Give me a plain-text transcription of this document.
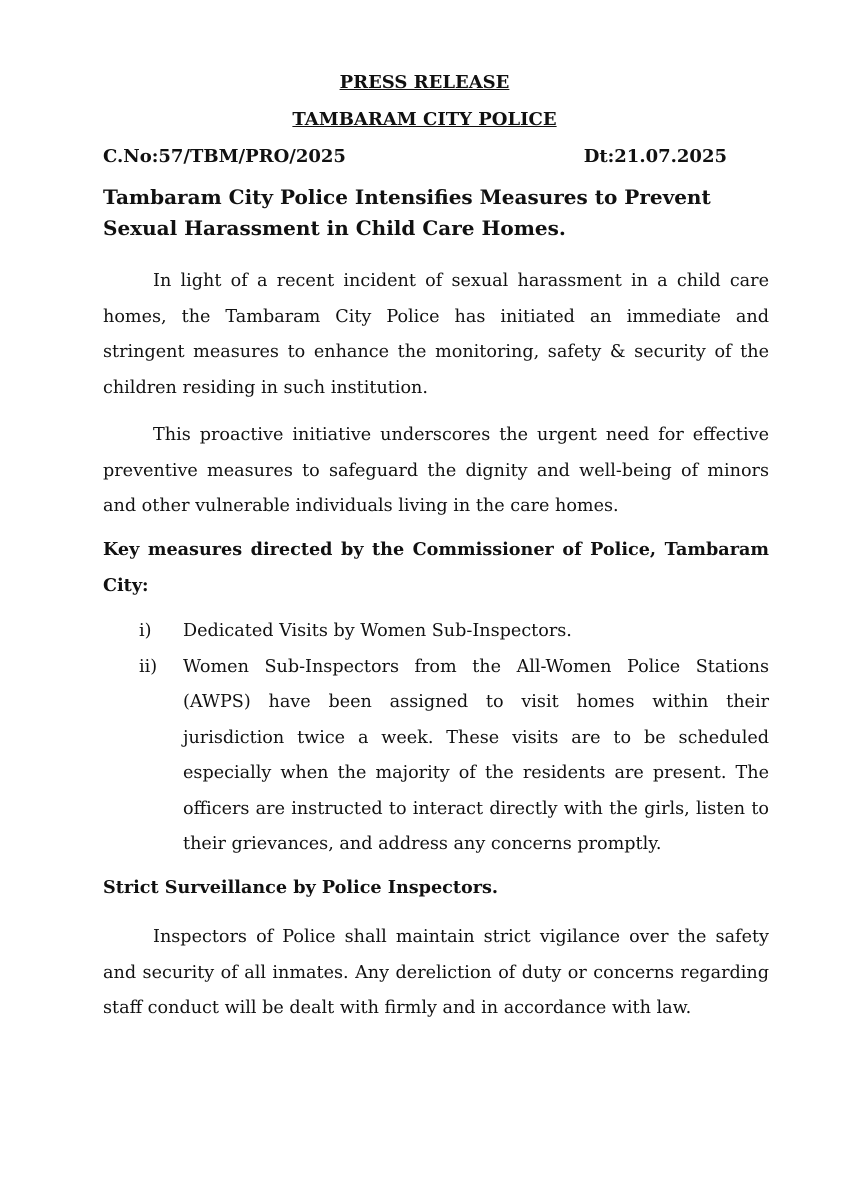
PRESS RELEASE
TAMBARAM CITY POLICE
C.No:57/TBM/PRO/2025	Dt:21.07.2025
Tambaram City Police Intensifies Measures to Prevent Sexual Harassment in Child Care Homes.

In light of a recent incident of sexual harassment in a child care homes, the Tambaram City Police has initiated an immediate and stringent measures to enhance the monitoring, safety & security of the children residing in such institution.

This proactive initiative underscores the urgent need for effective preventive measures to safeguard the dignity and well-being of minors and other vulnerable individuals living in the care homes.

Key measures directed by the Commissioner of Police, Tambaram City:

i)	Dedicated Visits by Women Sub-Inspectors.
ii)	Women Sub-Inspectors from the All-Women Police Stations (AWPS) have been assigned to visit homes within their jurisdiction twice a week. These visits are to be scheduled especially when the majority of the residents are present. The officers are instructed to interact directly with the girls, listen to their grievances, and address any concerns promptly.

Strict Surveillance by Police Inspectors.

Inspectors of Police shall maintain strict vigilance over the safety and security of all inmates. Any dereliction of duty or concerns regarding staff conduct will be dealt with firmly and in accordance with law.
